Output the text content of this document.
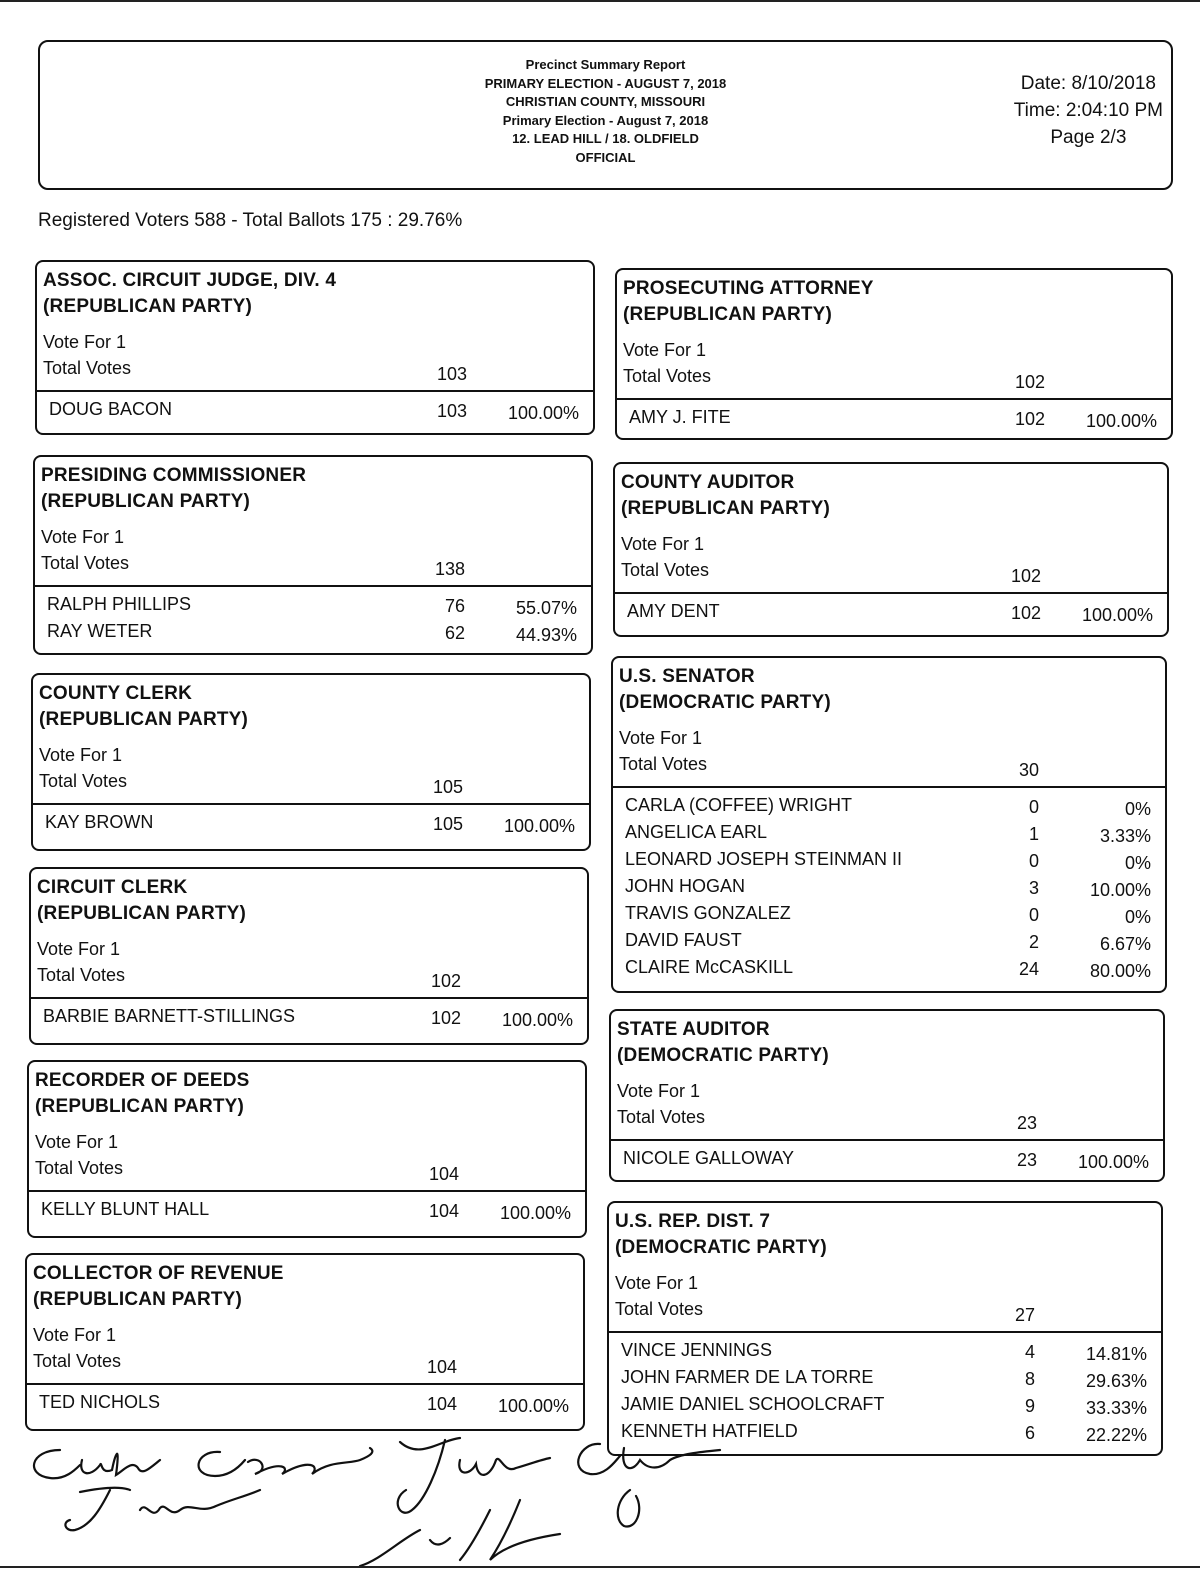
Precinct Summary Report
PRIMARY ELECTION - AUGUST 7, 2018
CHRISTIAN COUNTY, MISSOURI
Primary Election - August 7, 2018
12. LEAD HILL / 18. OLDFIELD
OFFICIAL
Date: 8/10/2018
Time: 2:04:10 PM
Page 2/3
Registered Voters 588 - Total Ballots 175 : 29.76%
ASSOC. CIRCUIT JUDGE, DIV. 4
(REPUBLICAN PARTY)
Vote For 1
Total Votes	103
DOUG BACON	103	100.00%
PRESIDING COMMISSIONER
(REPUBLICAN PARTY)
Vote For 1
Total Votes	138
RALPH PHILLIPS	76	55.07%
RAY WETER	62	44.93%
COUNTY CLERK
(REPUBLICAN PARTY)
Vote For 1
Total Votes	105
KAY BROWN	105	100.00%
CIRCUIT CLERK
(REPUBLICAN PARTY)
Vote For 1
Total Votes	102
BARBIE BARNETT-STILLINGS	102	100.00%
RECORDER OF DEEDS
(REPUBLICAN PARTY)
Vote For 1
Total Votes	104
KELLY BLUNT HALL	104	100.00%
COLLECTOR OF REVENUE
(REPUBLICAN PARTY)
Vote For 1
Total Votes	104
TED NICHOLS	104	100.00%
PROSECUTING ATTORNEY
(REPUBLICAN PARTY)
Vote For 1
Total Votes	102
AMY J. FITE	102	100.00%
COUNTY AUDITOR
(REPUBLICAN PARTY)
Vote For 1
Total Votes	102
AMY DENT	102	100.00%
U.S. SENATOR
(DEMOCRATIC PARTY)
Vote For 1
Total Votes	30
CARLA (COFFEE) WRIGHT	0	0%
ANGELICA EARL	1	3.33%
LEONARD JOSEPH STEINMAN II	0	0%
JOHN HOGAN	3	10.00%
TRAVIS GONZALEZ	0	0%
DAVID FAUST	2	6.67%
CLAIRE McCASKILL	24	80.00%
STATE AUDITOR
(DEMOCRATIC PARTY)
Vote For 1
Total Votes	23
NICOLE GALLOWAY	23	100.00%
U.S. REP. DIST. 7
(DEMOCRATIC PARTY)
Vote For 1
Total Votes	27
VINCE JENNINGS	4	14.81%
JOHN FARMER DE LA TORRE	8	29.63%
JAMIE DANIEL SCHOOLCRAFT	9	33.33%
KENNETH HATFIELD	6	22.22%
